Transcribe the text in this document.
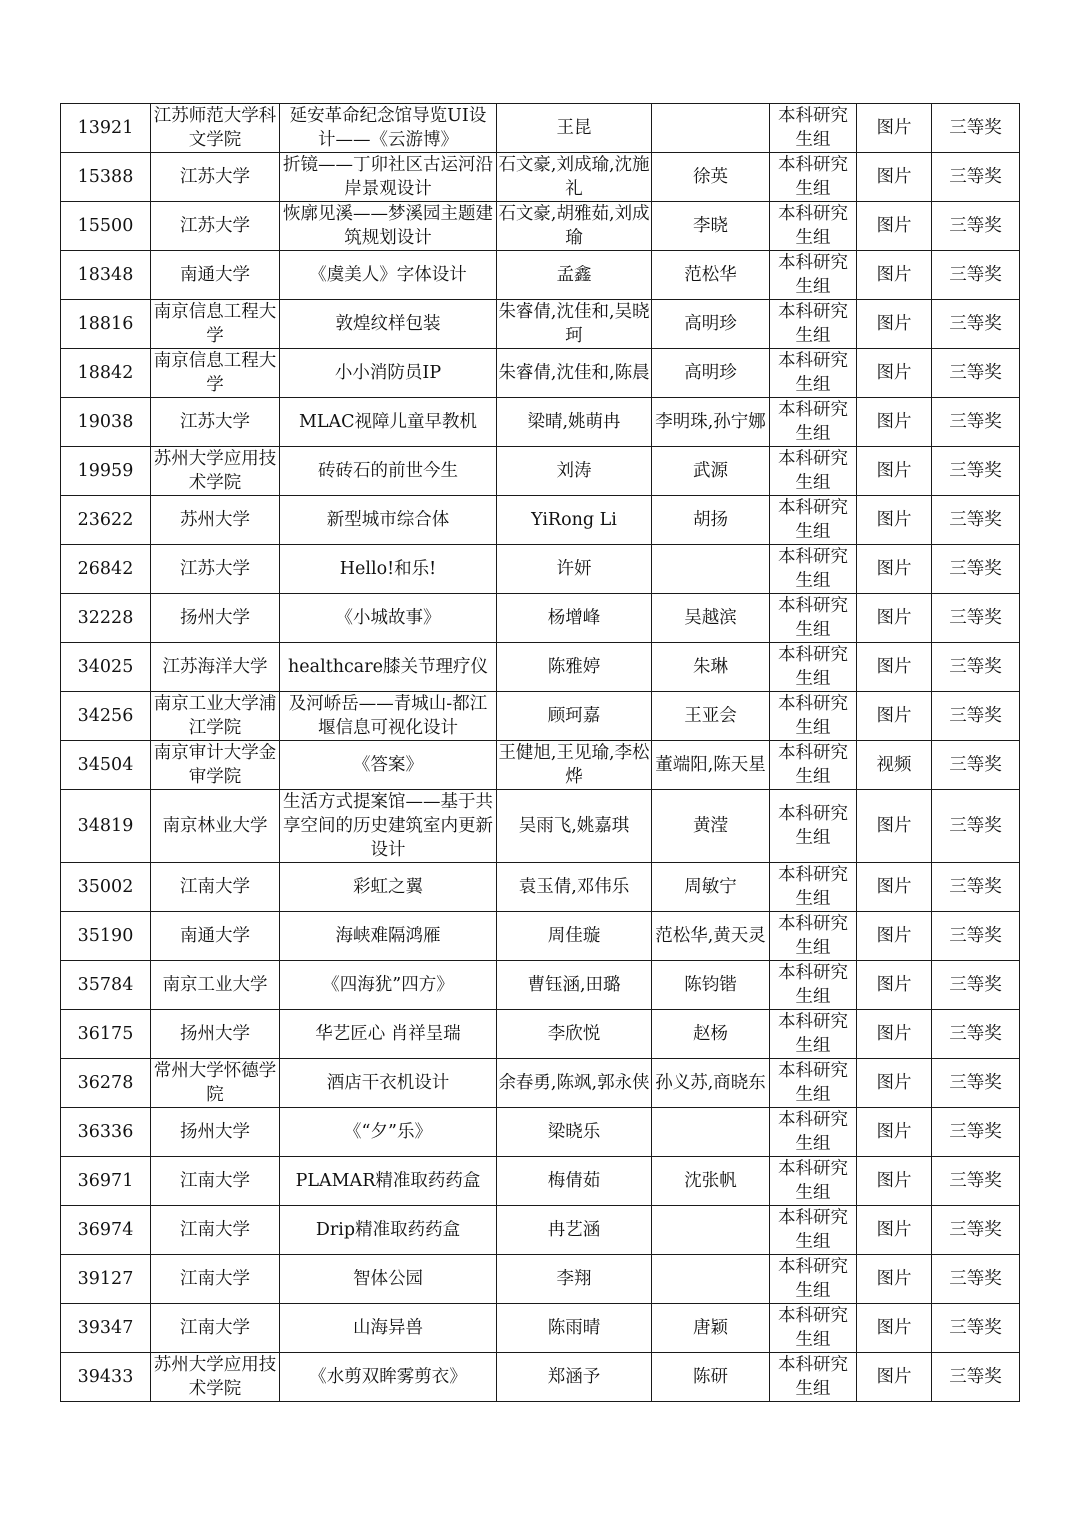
13921	江苏师范大学科文学院	延安革命纪念馆导览UI设计——《云游博》	王昆		本科研究生组	图片	三等奖
15388	江苏大学	折镜——丁卯社区古运河沿岸景观设计	石文豪,刘成瑜,沈施礼	徐英	本科研究生组	图片	三等奖
15500	江苏大学	恢廓见溪——梦溪园主题建筑规划设计	石文豪,胡雅茹,刘成瑜	李晓	本科研究生组	图片	三等奖
18348	南通大学	《虞美人》字体设计	孟鑫	范松华	本科研究生组	图片	三等奖
18816	南京信息工程大学	敦煌纹样包装	朱睿倩,沈佳和,吴晓珂	高明珍	本科研究生组	图片	三等奖
18842	南京信息工程大学	小小消防员IP	朱睿倩,沈佳和,陈晨	高明珍	本科研究生组	图片	三等奖
19038	江苏大学	MLAC视障儿童早教机	梁晴,姚萌冉	李明珠,孙宁娜	本科研究生组	图片	三等奖
19959	苏州大学应用技术学院	砖砖石的前世今生	刘涛	武源	本科研究生组	图片	三等奖
23622	苏州大学	新型城市综合体	YiRong Li	胡扬	本科研究生组	图片	三等奖
26842	江苏大学	Hello!和乐!	许妍		本科研究生组	图片	三等奖
32228	扬州大学	《小城故事》	杨增峰	吴越滨	本科研究生组	图片	三等奖
34025	江苏海洋大学	healthcare膝关节理疗仪	陈雅婷	朱琳	本科研究生组	图片	三等奖
34256	南京工业大学浦江学院	及河峤岳——青城山-都江堰信息可视化设计	顾珂嘉	王亚会	本科研究生组	图片	三等奖
34504	南京审计大学金审学院	《答案》	王健旭,王见瑜,李松烨	董端阳,陈天星	本科研究生组	视频	三等奖
34819	南京林业大学	生活方式提案馆——基于共享空间的历史建筑室内更新设计	吴雨飞,姚嘉琪	黄滢	本科研究生组	图片	三等奖
35002	江南大学	彩虹之翼	袁玉倩,邓伟乐	周敏宁	本科研究生组	图片	三等奖
35190	南通大学	海峡难隔鸿雁	周佳璇	范松华,黄天灵	本科研究生组	图片	三等奖
35784	南京工业大学	《四海犹”四方》	曹钰涵,田璐	陈钧锴	本科研究生组	图片	三等奖
36175	扬州大学	华艺匠心 肖祥呈瑞	李欣悦	赵杨	本科研究生组	图片	三等奖
36278	常州大学怀德学院	酒店干衣机设计	余春勇,陈飒,郭永侠	孙义苏,商晓东	本科研究生组	图片	三等奖
36336	扬州大学	《“夕”乐》	梁晓乐		本科研究生组	图片	三等奖
36971	江南大学	PLAMAR精准取药药盒	梅倩茹	沈张帆	本科研究生组	图片	三等奖
36974	江南大学	Drip精准取药药盒	冉艺涵		本科研究生组	图片	三等奖
39127	江南大学	智体公园	李翔		本科研究生组	图片	三等奖
39347	江南大学	山海异兽	陈雨晴	唐颖	本科研究生组	图片	三等奖
39433	苏州大学应用技术学院	《水剪双眸雾剪衣》	郑涵予	陈研	本科研究生组	图片	三等奖
